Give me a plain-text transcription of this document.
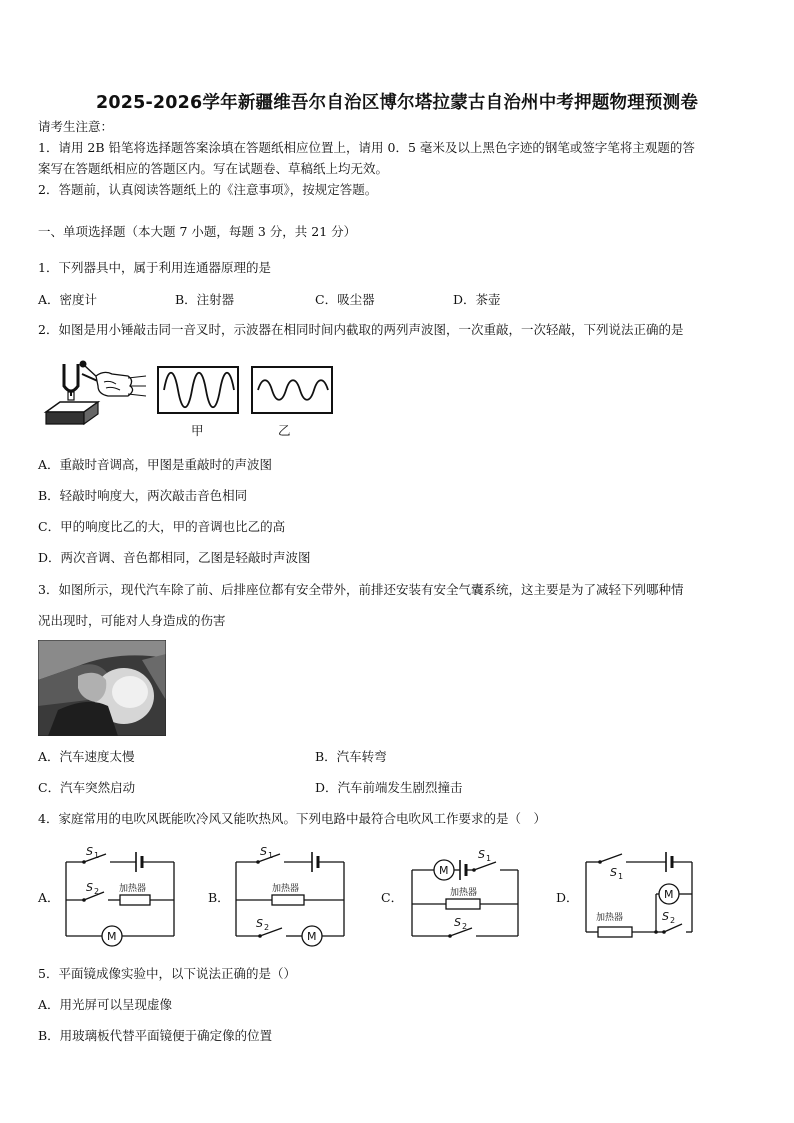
2025-2026学年新疆维吾尔自治区博尔塔拉蒙古自治州中考押题物理预测卷
请考生注意：
1．请用 2B 铅笔将选择题答案涂填在答题纸相应位置上，请用 0．5 毫米及以上黑色字迹的钢笔或签字笔将主观题的答
案写在答题纸相应的答题区内。写在试题卷、草稿纸上均无效。
2．答题前，认真阅读答题纸上的《注意事项》，按规定答题。
一、单项选择题（本大题 7 小题，每题 3 分，共 21 分）
1．下列器具中，属于利用连通器原理的是
A．密度计	B．注射器	C．吸尘器	D．茶壶
2．如图是用小锤敲击同一音叉时，示波器在相同时间内截取的两列声波图，一次重敲，一次轻敲，下列说法正确的是
甲	乙
A．重敲时音调高，甲图是重敲时的声波图
B．轻敲时响度大，两次敲击音色相同
C．甲的响度比乙的大，甲的音调也比乙的高
D．两次音调、音色都相同，乙图是轻敲时声波图
3．如图所示，现代汽车除了前、后排座位都有安全带外，前排还安装有安全气囊系统，这主要是为了减轻下列哪种情
况出现时，可能对人身造成的伤害
A．汽车速度太慢	B．汽车转弯
C．汽车突然启动	D．汽车前端发生剧烈撞击
4．家庭常用的电吹风既能吹冷风又能吹热风。下列电路中最符合电吹风工作要求的是（　）
A．
S 1
S 2 加热器
M
B．
S 1
加热器
S 2
M
C．
M
S 1
加热器
S 2
D．
S 1
M
加热器	S 2
5．平面镜成像实验中，以下说法正确的是（）
A．用光屏可以呈现虚像
B．用玻璃板代替平面镜便于确定像的位置
